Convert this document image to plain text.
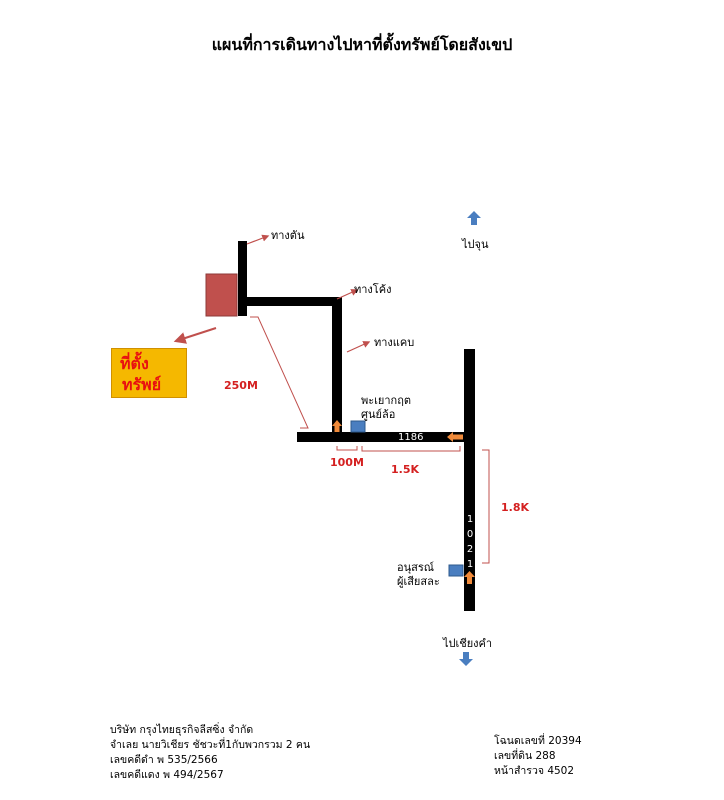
แผนที่การเดินทางไปหาที่ตั้งทรัพย์โดยสังเขป
ทางตัน
ทางโค้ง
ทางแคบ
ไปจุน
ไปเชียงคำ
พะเยากฤต
ศูนย์ล้อ
อนุสรณ์
ผู้เสียสละ
250M
100M
1.5K
1.8K
1186
1
0
2
1
ที่ตั้ง
ทรัพย์
บริษัท กรุงไทยธุรกิจลีสซิ่ง จำกัด
จำเลย นายวิเชียร ชัชวะที่1กับพวกรวม 2 คน
เลขคดีดำ พ 535/2566
เลขคดีแดง พ 494/2567
โฉนดเลขที่ 20394
เลขที่ดิน 288
หน้าสำรวจ 4502
